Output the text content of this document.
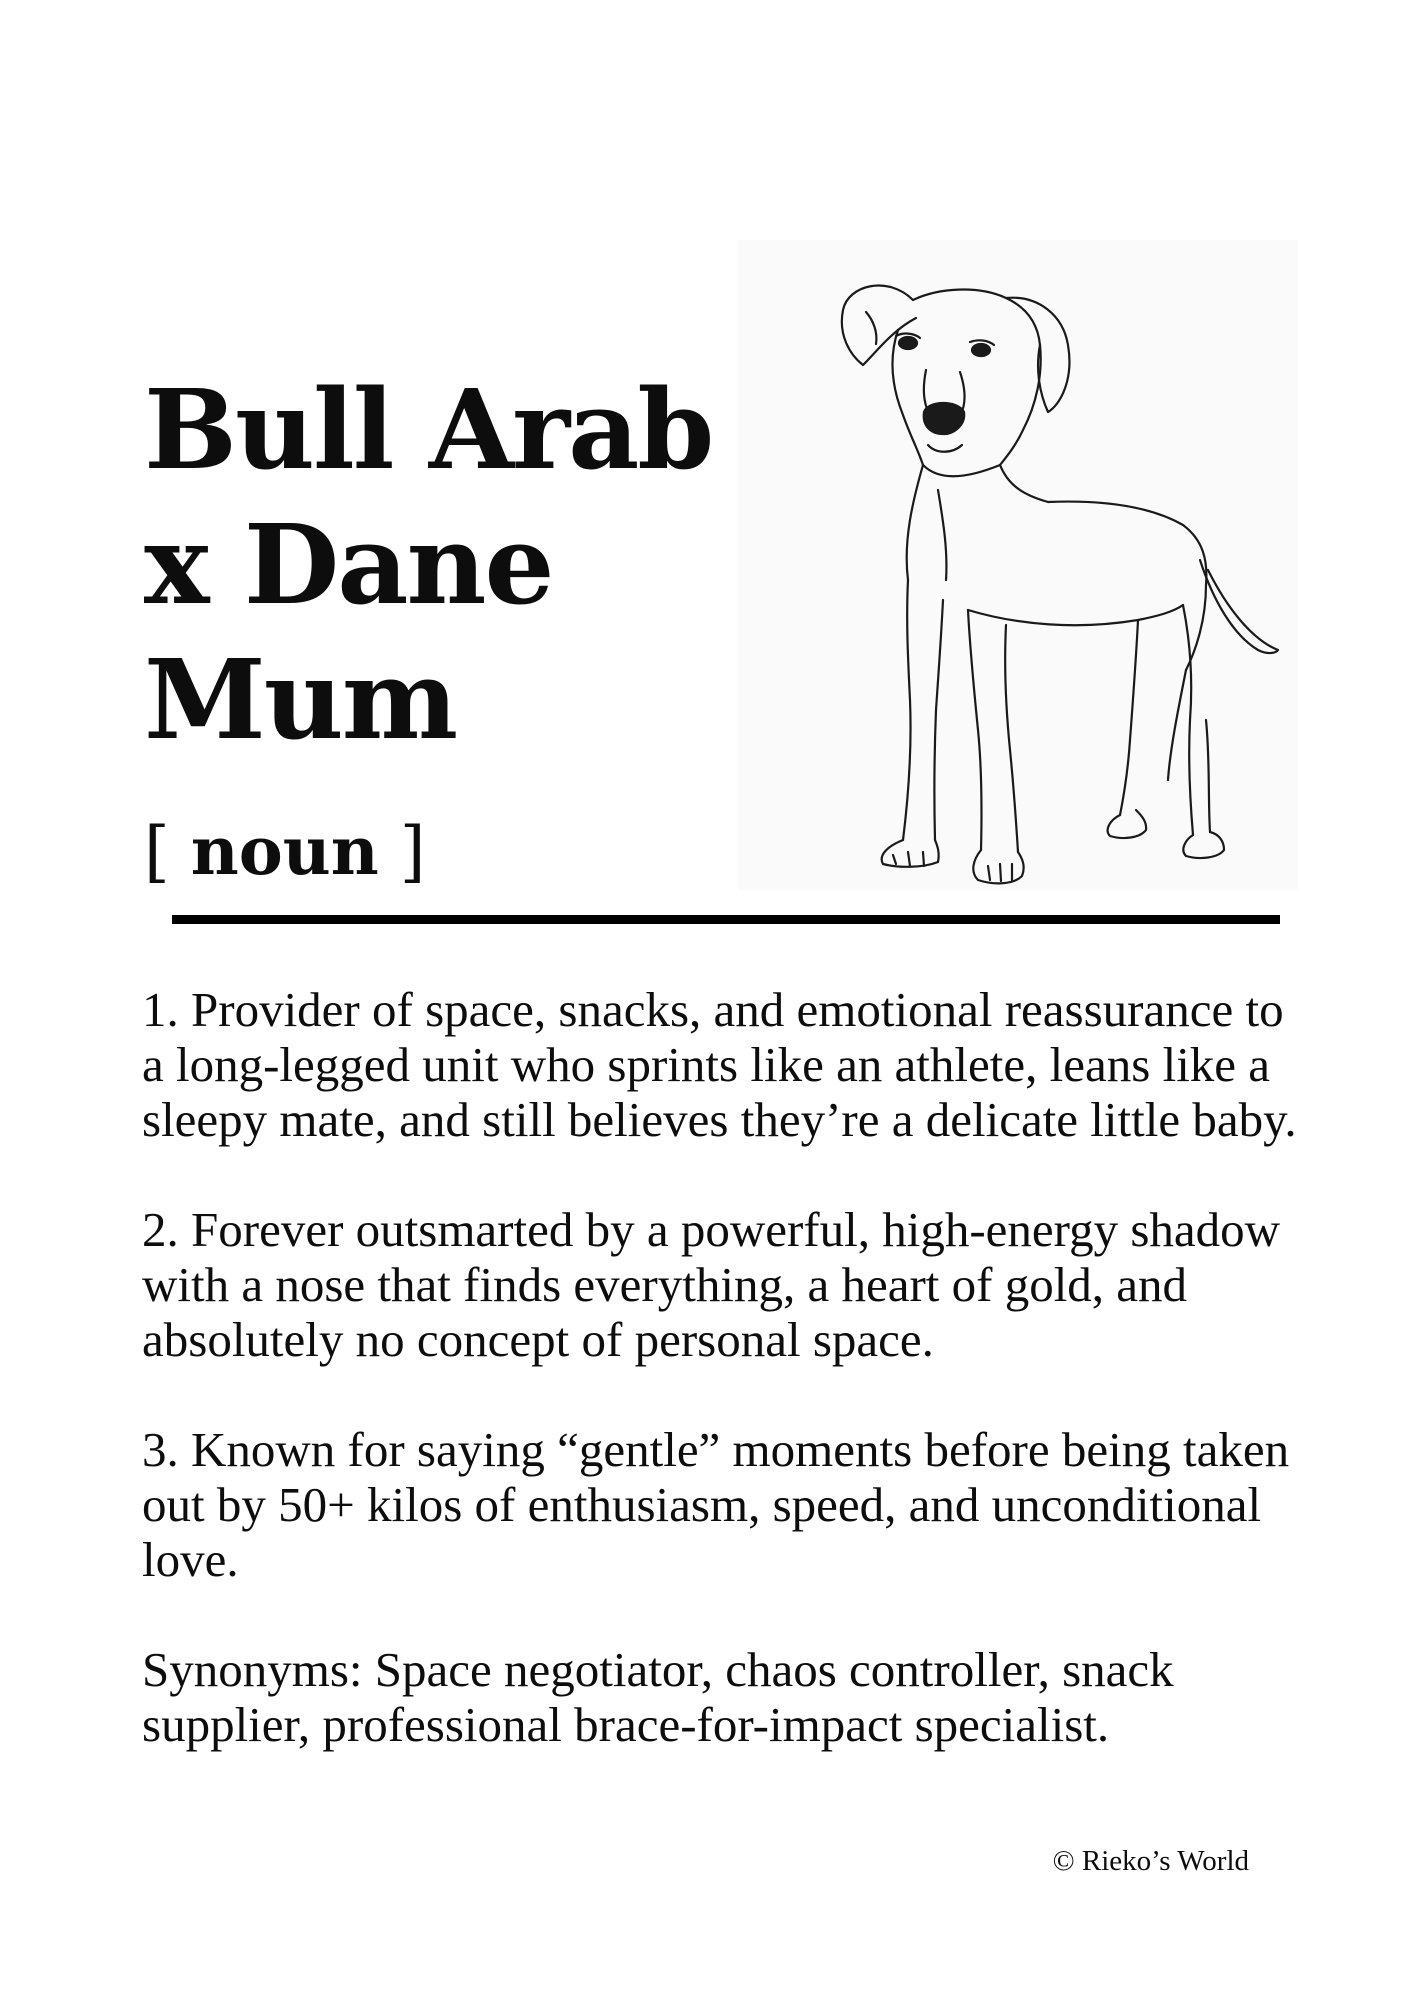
Bull Arab
x Dane
Mum
[ noun ]

1. Provider of space, snacks, and emotional reassurance to a long-legged unit who sprints like an athlete, leans like a sleepy mate, and still believes they’re a delicate little baby.

2. Forever outsmarted by a powerful, high-energy shadow with a nose that finds everything, a heart of gold, and absolutely no concept of personal space.

3. Known for saying “gentle” moments before being taken out by 50+ kilos of enthusiasm, speed, and unconditional love.

Synonyms: Space negotiator, chaos controller, snack supplier, professional brace-for-impact specialist.

© Rieko’s World
